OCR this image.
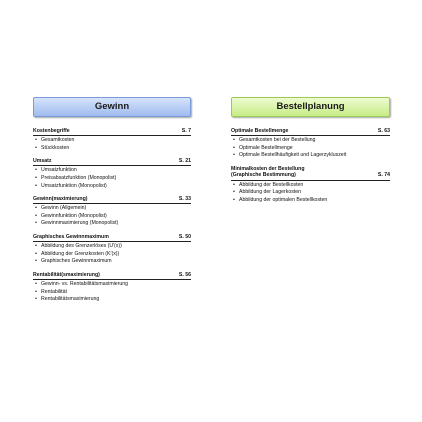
Gewinn
Kostenbegriffe	S. 7
• Gesamtkosten
• Stückkosten
Umsatz	S. 21
• Umsatzfunktion
• Preisabsatzfunktion (Monopolist)
• Umsatzfunktion (Monopolist)
Gewinn(maximierung)	S. 33
• Gewinn (Allgemein)
• Gewinnfunktion (Monopolist)
• Gewinnmaximierung (Monopolist)
Graphisches Gewinnmaximum	S. 50
• Abbildung des Grenzerlöses (U′(x))
• Abbildung der Grenzkosten (K′(x))
• Graphisches Gewinnmaximum
Rentabilität(smaximierung)	S. 56
• Gewinn- vs. Rentabilitätsmaximierung
• Rentabilität
• Rentabilitätsmaximierung
Bestellplanung
Optimale Bestellmenge	S. 63
• Gesamtkosten bei der Bestellung
• Optimale Bestellmenge
• Optimale Bestellhäufigkeit und Lagerzykluszeit
Minimalkosten der Bestellung
(Graphische Bestimmung)	S. 74
• Abbildung der Bestellkosten
• Abbildung der Lagerkosten
• Abbildung der optimalen Bestellkosten
